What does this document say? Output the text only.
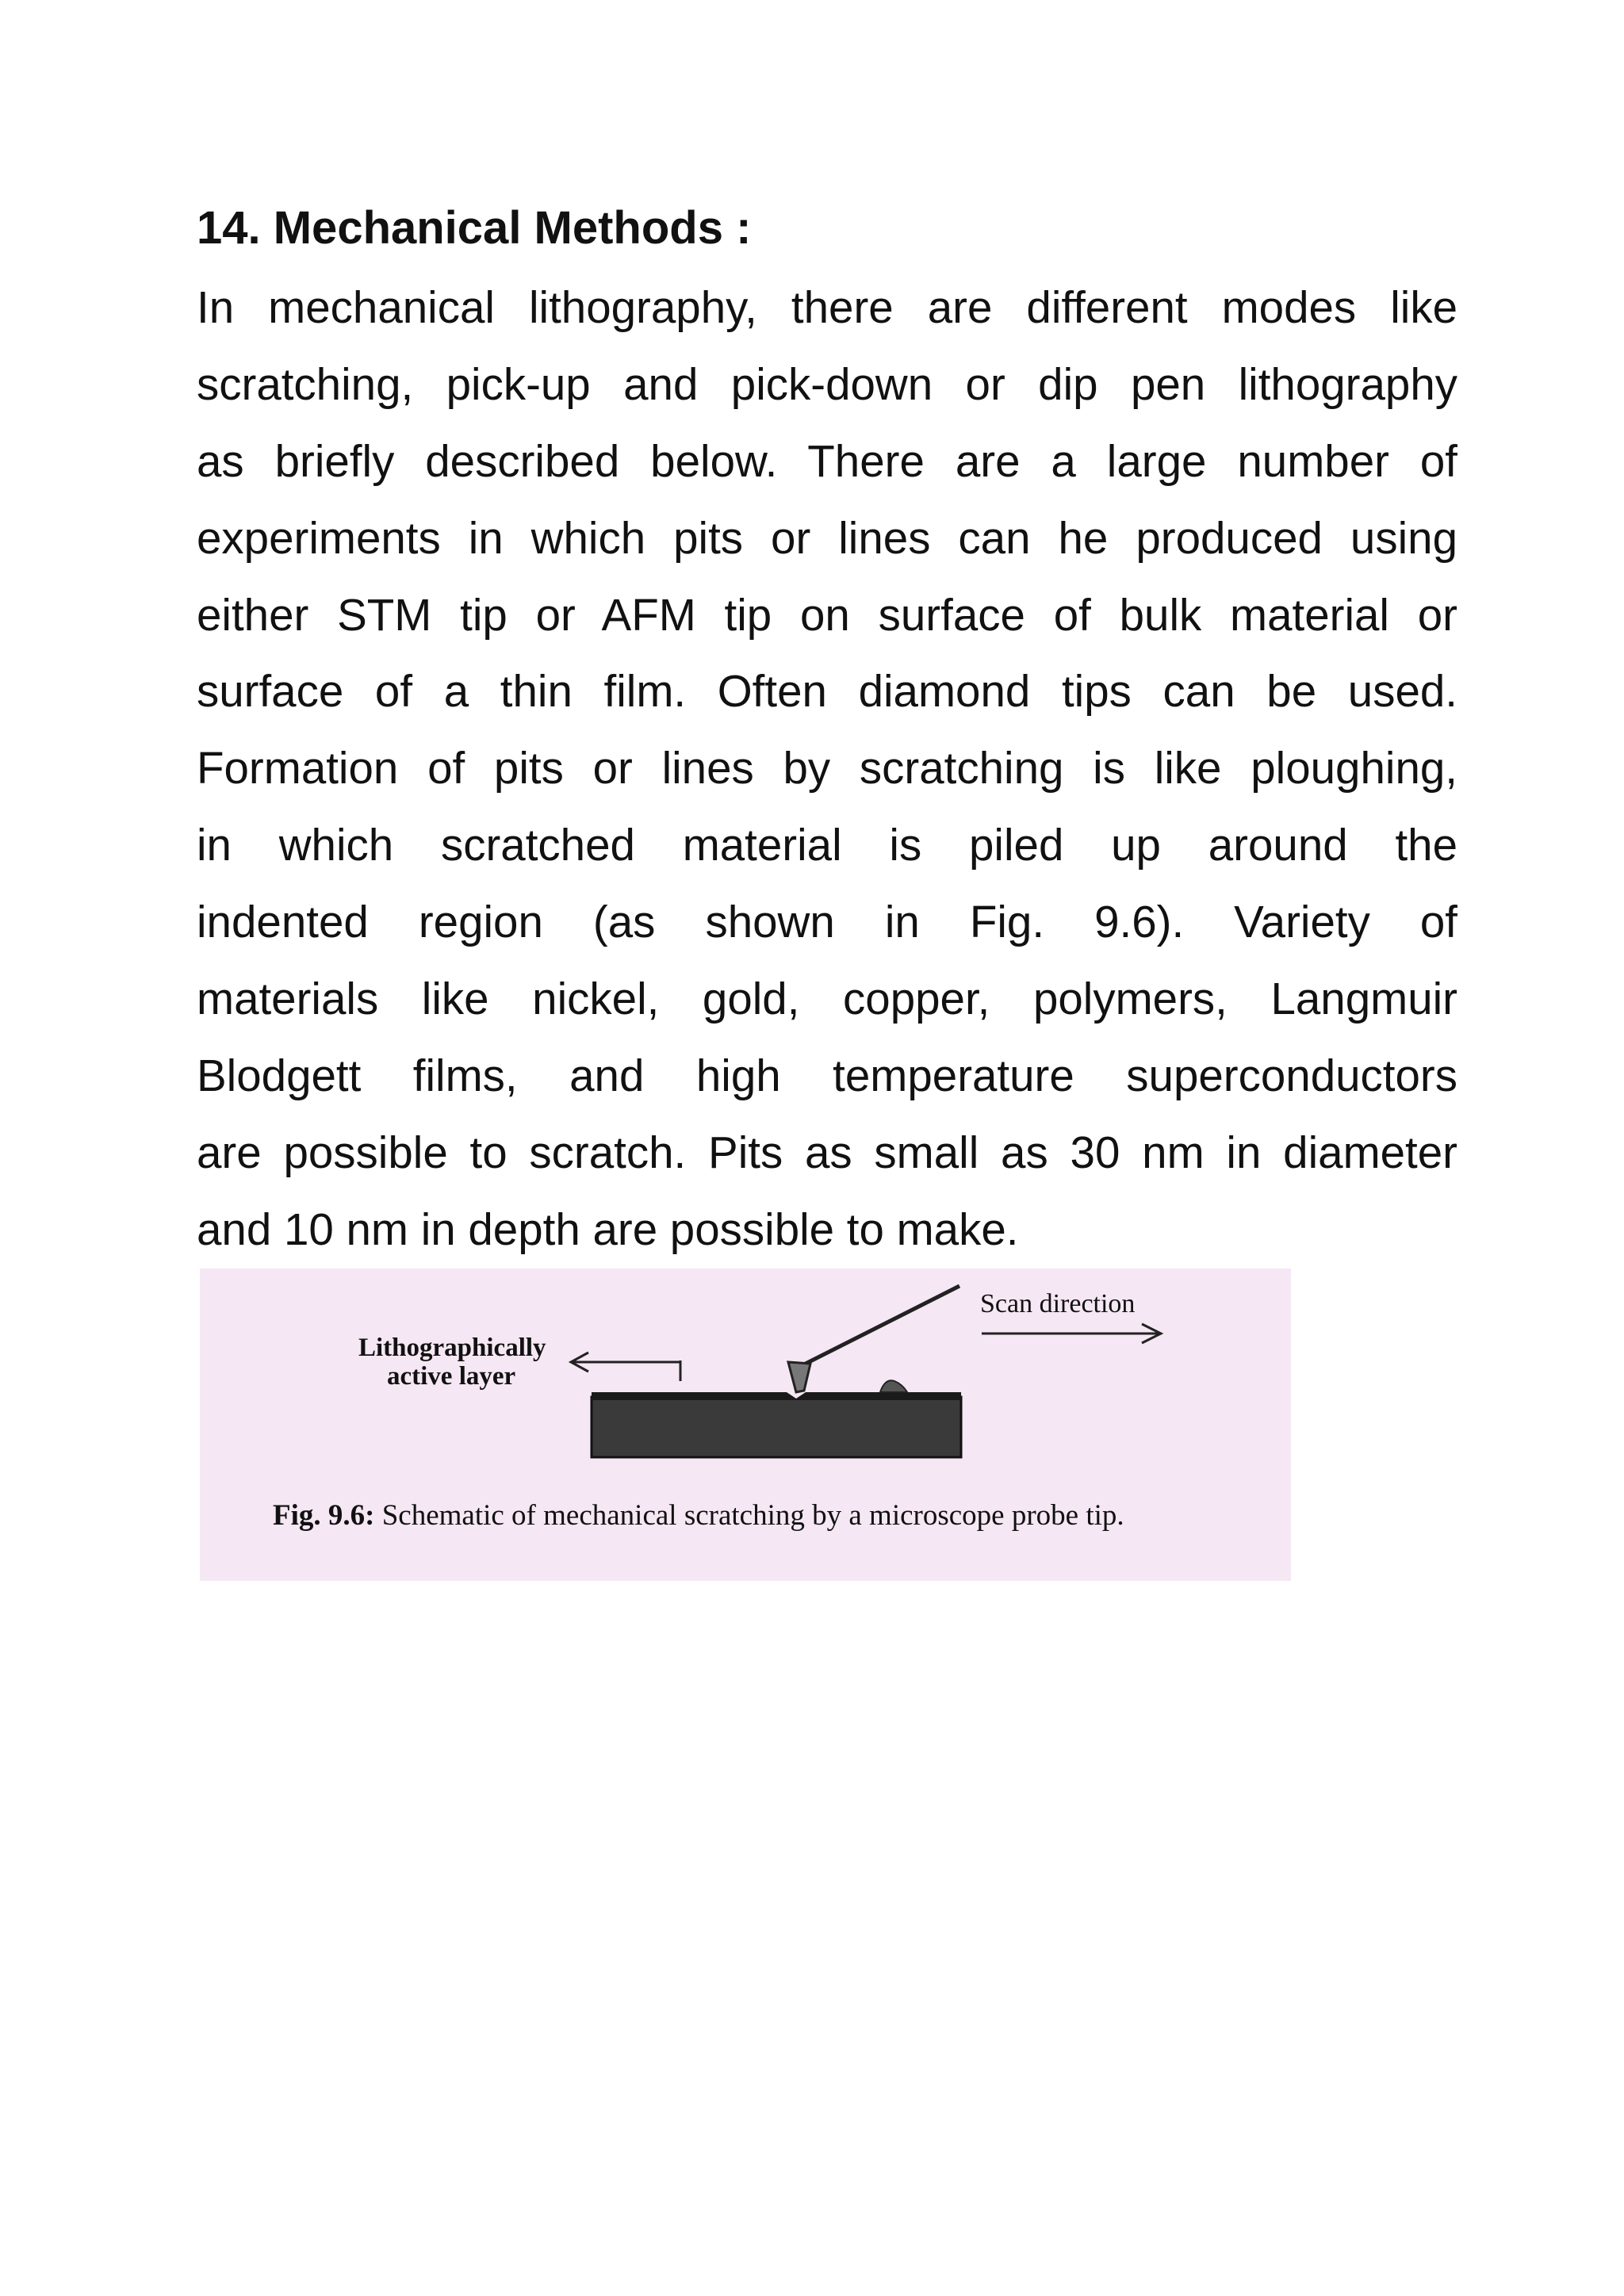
14. Mechanical Methods :
In mechanical lithography, there are different modes like
scratching, pick-up and pick-down or dip pen lithography
as briefly described below. There are a large number of
experiments in which pits or lines can he produced using
either STM tip or AFM tip on surface of bulk material or
surface of a thin film. Often diamond tips can be used.
Formation of pits or lines by scratching is like ploughing,
in which scratched material is piled up around the
indented region (as shown in Fig. 9.6). Variety of
materials like nickel, gold, copper, polymers, Langmuir
Blodgett films, and high temperature superconductors
are possible to scratch. Pits as small as 30 nm in diameter
and 10 nm in depth are possible to make.
Scan direction
Lithographically
active layer

Fig. 9.6: Schematic of mechanical scratching by a microscope probe tip.
